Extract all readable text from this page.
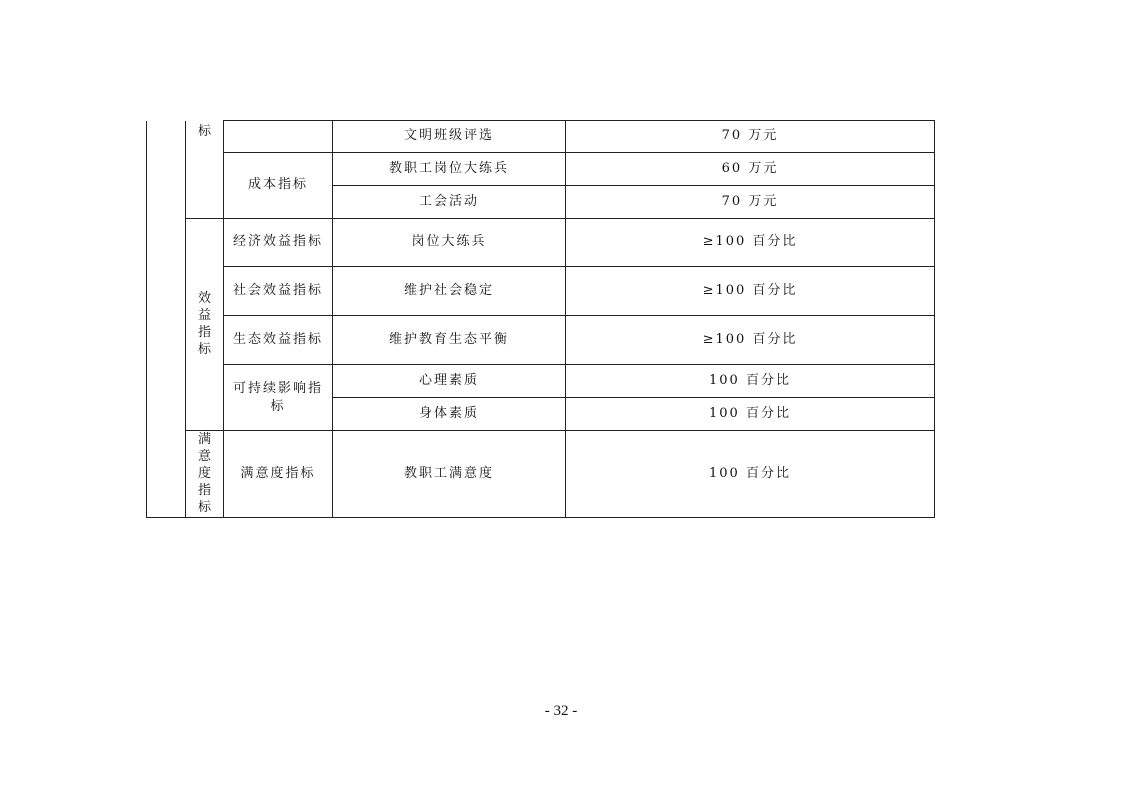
	标		文明班级评选	70 万元
		成本指标	教职工岗位大练兵	60 万元
			工会活动	70 万元
	效益指标	经济效益指标	岗位大练兵	≥100 百分比
		社会效益指标	维护社会稳定	≥100 百分比
		生态效益指标	维护教育生态平衡	≥100 百分比
		可持续影响指标	心理素质	100 百分比
			身体素质	100 百分比
	满意度指标	满意度指标	教职工满意度	100 百分比
- 32 -
